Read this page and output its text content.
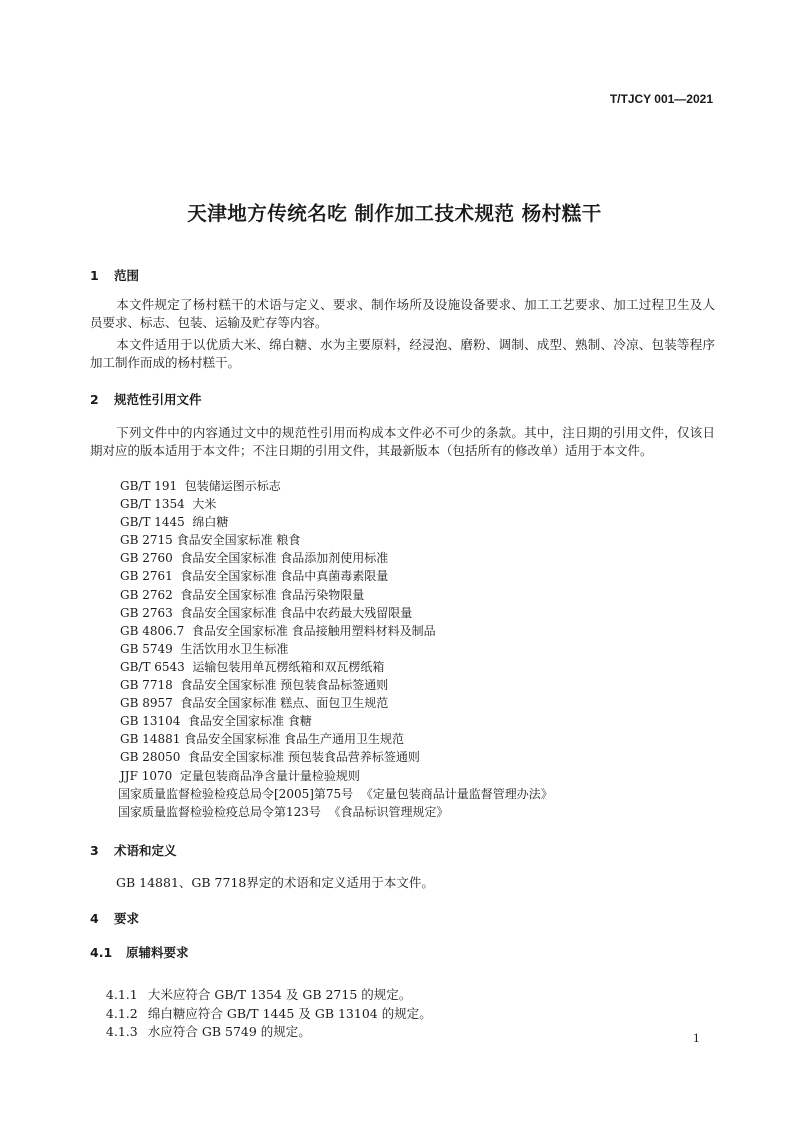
T/TJCY 001—2021
天津地方传统名吃 制作加工技术规范 杨村糕干
1 范围
本文件规定了杨村糕干的术语与定义、要求、制作场所及设施设备要求、加工工艺要求、加工过程卫生及人员要求、标志、包装、运输及贮存等内容。
本文件适用于以优质大米、绵白糖、水为主要原料，经浸泡、磨粉、调制、成型、熟制、冷凉、包装等程序加工制作而成的杨村糕干。
2 规范性引用文件
下列文件中的内容通过文中的规范性引用而构成本文件必不可少的条款。其中，注日期的引用文件，仅该日期对应的版本适用于本文件；不注日期的引用文件，其最新版本（包括所有的修改单）适用于本文件。
GB/T 191  包装储运图示标志
GB/T 1354  大米
GB/T 1445  绵白糖
GB 2715 食品安全国家标准 粮食
GB 2760  食品安全国家标准 食品添加剂使用标准
GB 2761  食品安全国家标准 食品中真菌毒素限量
GB 2762  食品安全国家标准 食品污染物限量
GB 2763  食品安全国家标准 食品中农药最大残留限量
GB 4806.7  食品安全国家标准 食品接触用塑料材料及制品
GB 5749  生活饮用水卫生标准
GB/T 6543  运输包装用单瓦楞纸箱和双瓦楞纸箱
GB 7718  食品安全国家标准 预包装食品标签通则
GB 8957  食品安全国家标准 糕点、面包卫生规范
GB 13104  食品安全国家标准 食糖
GB 14881 食品安全国家标准 食品生产通用卫生规范
GB 28050  食品安全国家标准 预包装食品营养标签通则
JJF 1070  定量包装商品净含量计量检验规则
国家质量监督检验检疫总局令[2005]第75号  《定量包装商品计量监督管理办法》
国家质量监督检验检疫总局令第123号  《食品标识管理规定》
3 术语和定义
GB 14881、GB 7718界定的术语和定义适用于本文件。
4 要求
4.1 原辅料要求

4.1.1 大米应符合 GB/T 1354 及 GB 2715 的规定。

4.1.2 绵白糖应符合 GB/T 1445 及 GB 13104 的规定。

4.1.3 水应符合 GB 5749 的规定。
	1
